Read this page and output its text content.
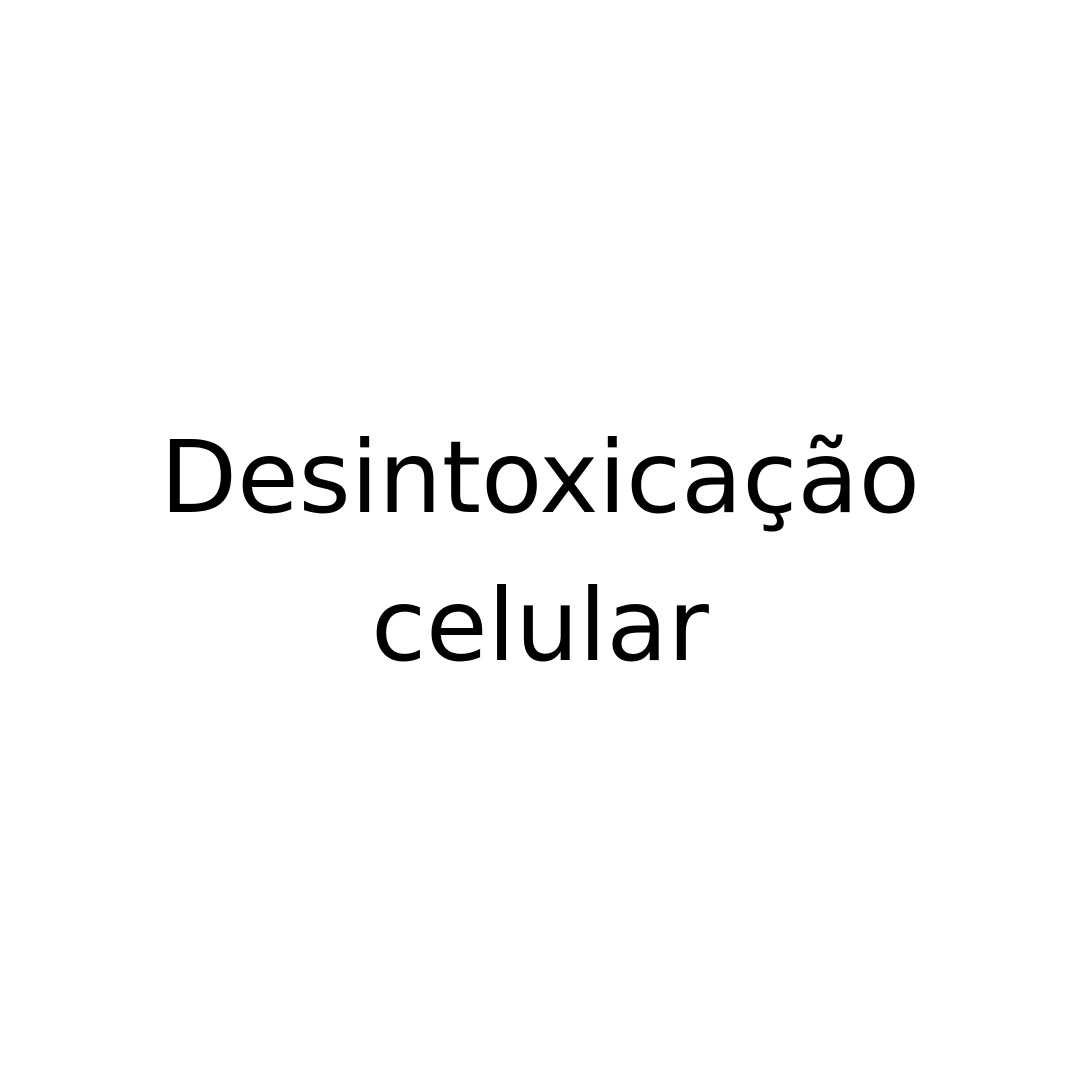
Desintoxicação
celular
